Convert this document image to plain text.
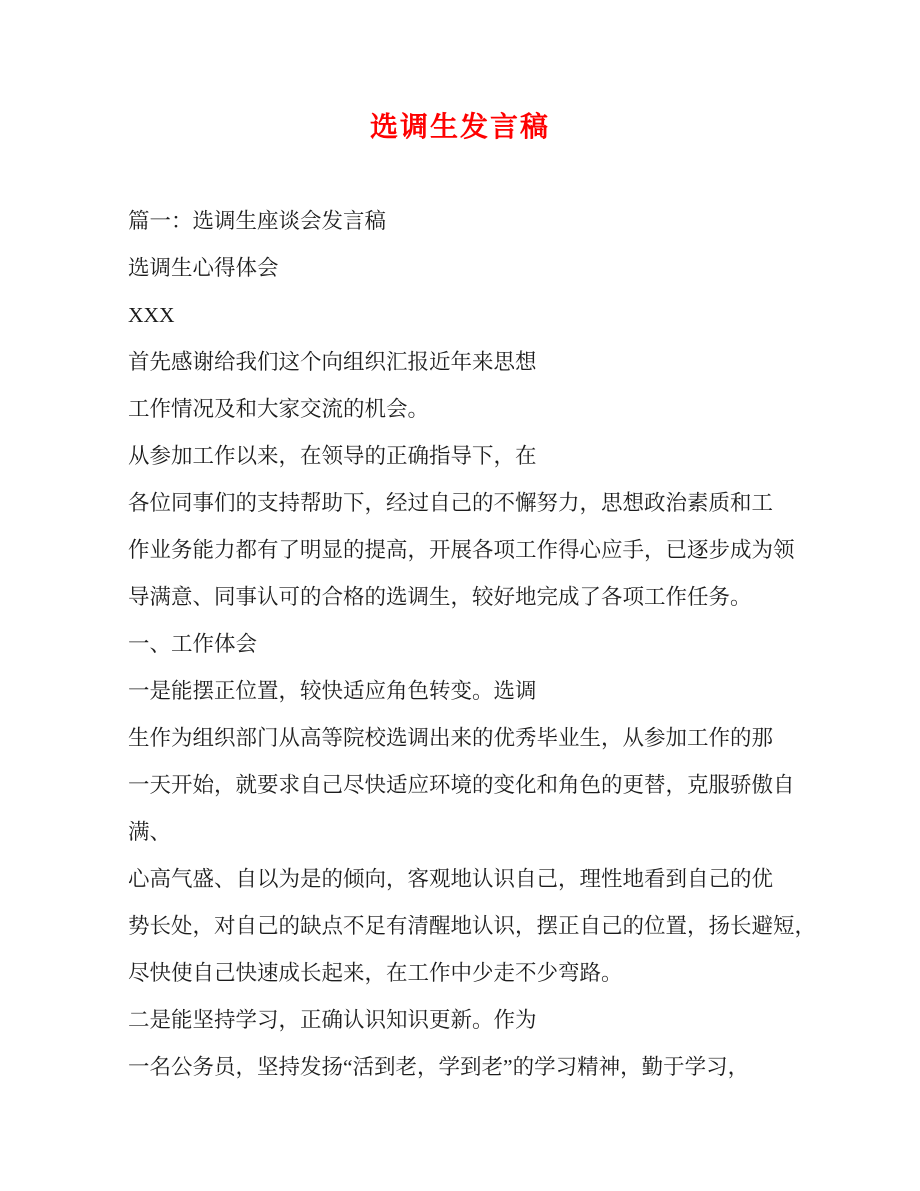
选调生发言稿

篇一：选调生座谈会发言稿

选调生心得体会

XXX

首先感谢给我们这个向组织汇报近年来思想

工作情况及和大家交流的机会。

从参加工作以来，在领导的正确指导下，在

各位同事们的支持帮助下，经过自己的不懈努力，思想政治素质和工

作业务能力都有了明显的提高，开展各项工作得心应手，已逐步成为领

导满意、同事认可的合格的选调生，较好地完成了各项工作任务。

一、工作体会

一是能摆正位置，较快适应角色转变。选调

生作为组织部门从高等院校选调出来的优秀毕业生，从参加工作的那

一天开始，就要求自己尽快适应环境的变化和角色的更替，克服骄傲自

满、

心高气盛、自以为是的倾向，客观地认识自己，理性地看到自己的优

势长处，对自己的缺点不足有清醒地认识，摆正自己的位置，扬长避短，

尽快使自己快速成长起来，在工作中少走不少弯路。

二是能坚持学习，正确认识知识更新。作为

一名公务员，坚持发扬“活到老，学到老”的学习精神，勤于学习，
